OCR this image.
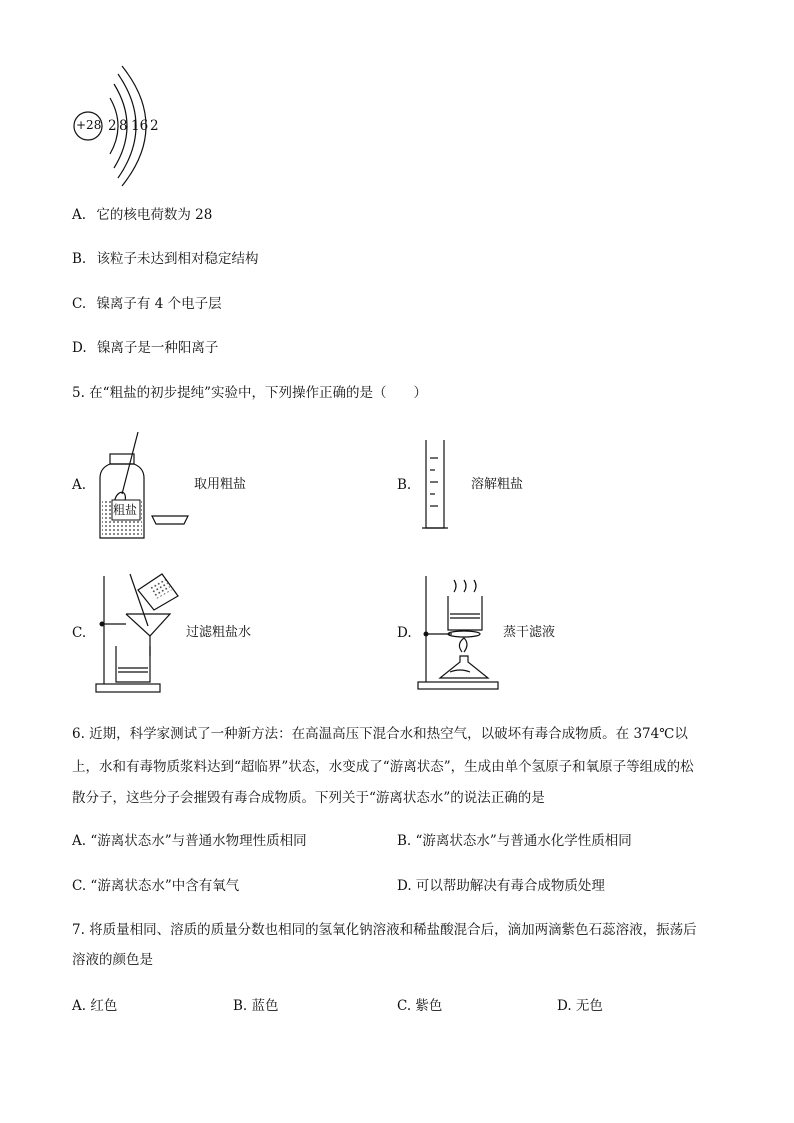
+28 2 8 16 2
A. 它的核电荷数为 28
B. 该粒子未达到相对稳定结构
C. 镍离子有 4 个电子层
D. 镍离子是一种阳离子
5. 在“粗盐的初步提纯”实验中，下列操作正确的是（　　）
A.
粗盐
取用粗盐	B.	溶解粗盐
C.	过滤粗盐水	D.	蒸干滤液
6. 近期，科学家测试了一种新方法：在高温高压下混合水和热空气，以破坏有毒合成物质。在 374℃以
上，水和有毒物质浆料达到“超临界”状态，水变成了“游离状态”，生成由单个氢原子和氧原子等组成的松
散分子，这些分子会摧毁有毒合成物质。下列关于“游离状态水”的说法正确的是
A. “游离状态水”与普通水物理性质相同	B. “游离状态水”与普通水化学性质相同
C. “游离状态水”中含有氧气	D. 可以帮助解决有毒合成物质处理
7. 将质量相同、溶质的质量分数也相同的氢氧化钠溶液和稀盐酸混合后，滴加两滴紫色石蕊溶液，振荡后
溶液的颜色是
A. 红色	B. 蓝色	C. 紫色	D. 无色
